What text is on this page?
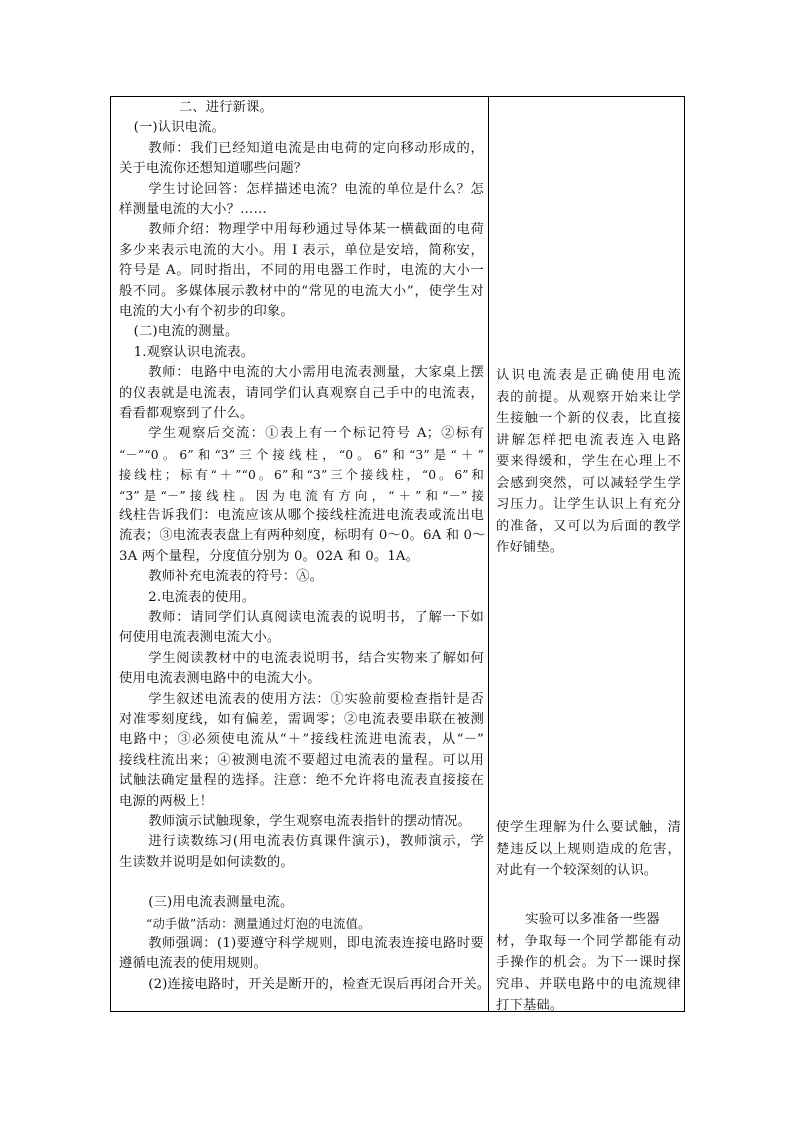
二、进行新课。
(一)认识电流。
教师：我们已经知道电流是由电荷的定向移动形成的，
关于电流你还想知道哪些问题？
学生讨论回答：怎样描述电流？电流的单位是什么？怎
样测量电流的大小？……
教师介绍：物理学中用每秒通过导体某一横截面的电荷
多少来表示电流的大小。用 I 表示，单位是安培，简称安，
符号是 A。同时指出，不同的用电器工作时，电流的大小一
般不同。多媒体展示教材中的“常见的电流大小”，使学生对
电流的大小有个初步的印象。
(二)电流的测量。
1.观察认识电流表。
教师：电路中电流的大小需用电流表测量，大家桌上摆
的仪表就是电流表，请同学们认真观察自己手中的电流表，
看看都观察到了什么。
学生观察后交流：①表上有一个标记符号 A；②标有
“－”“0。6”和“3”三个接线柱，“0。6”和“3”是“＋”
接线柱；标有“＋”“0。6”和“3”三个接线柱，“0。6”和
“3”是“－”接线柱。因为电流有方向，“＋”和“－”接
线柱告诉我们：电流应该从哪个接线柱流进电流表或流出电
流表；③电流表表盘上有两种刻度，标明有 0～0。6A 和 0～
3A 两个量程，分度值分别为 0。02A 和 0。1A。
教师补充电流表的符号：Ⓐ。
2.电流表的使用。
教师：请同学们认真阅读电流表的说明书，了解一下如
何使用电流表测电流大小。
学生阅读教材中的电流表说明书，结合实物来了解如何
使用电流表测电路中的电流大小。
学生叙述电流表的使用方法：①实验前要检查指针是否
对准零刻度线，如有偏差，需调零；②电流表要串联在被测
电路中；③必须使电流从“＋”接线柱流进电流表，从“－”
接线柱流出来；④被测电流不要超过电流表的量程。可以用
试触法确定量程的选择。注意：绝不允许将电流表直接接在
电源的两极上！
教师演示试触现象，学生观察电流表指针的摆动情况。
进行读数练习(用电流表仿真课件演示)，教师演示，学
生读数并说明是如何读数的。
(三)用电流表测量电流。
“动手做”活动：测量通过灯泡的电流值。
教师强调：(1)要遵守科学规则，即电流表连接电路时要
遵循电流表的使用规则。
(2)连接电路时，开关是断开的，检查无误后再闭合开关。
认识电流表是正确使用电流
表的前提。从观察开始来让学
生接触一个新的仪表，比直接
讲解怎样把电流表连入电路
要来得缓和，学生在心理上不
会感到突然，可以减轻学生学
习压力。让学生认识上有充分
的准备，又可以为后面的教学
作好铺垫。
使学生理解为什么要试触，清
楚违反以上规则造成的危害，
对此有一个较深刻的认识。
实验可以多准备一些器
材，争取每一个同学都能有动
手操作的机会。为下一课时探
究串、并联电路中的电流规律
打下基础。
